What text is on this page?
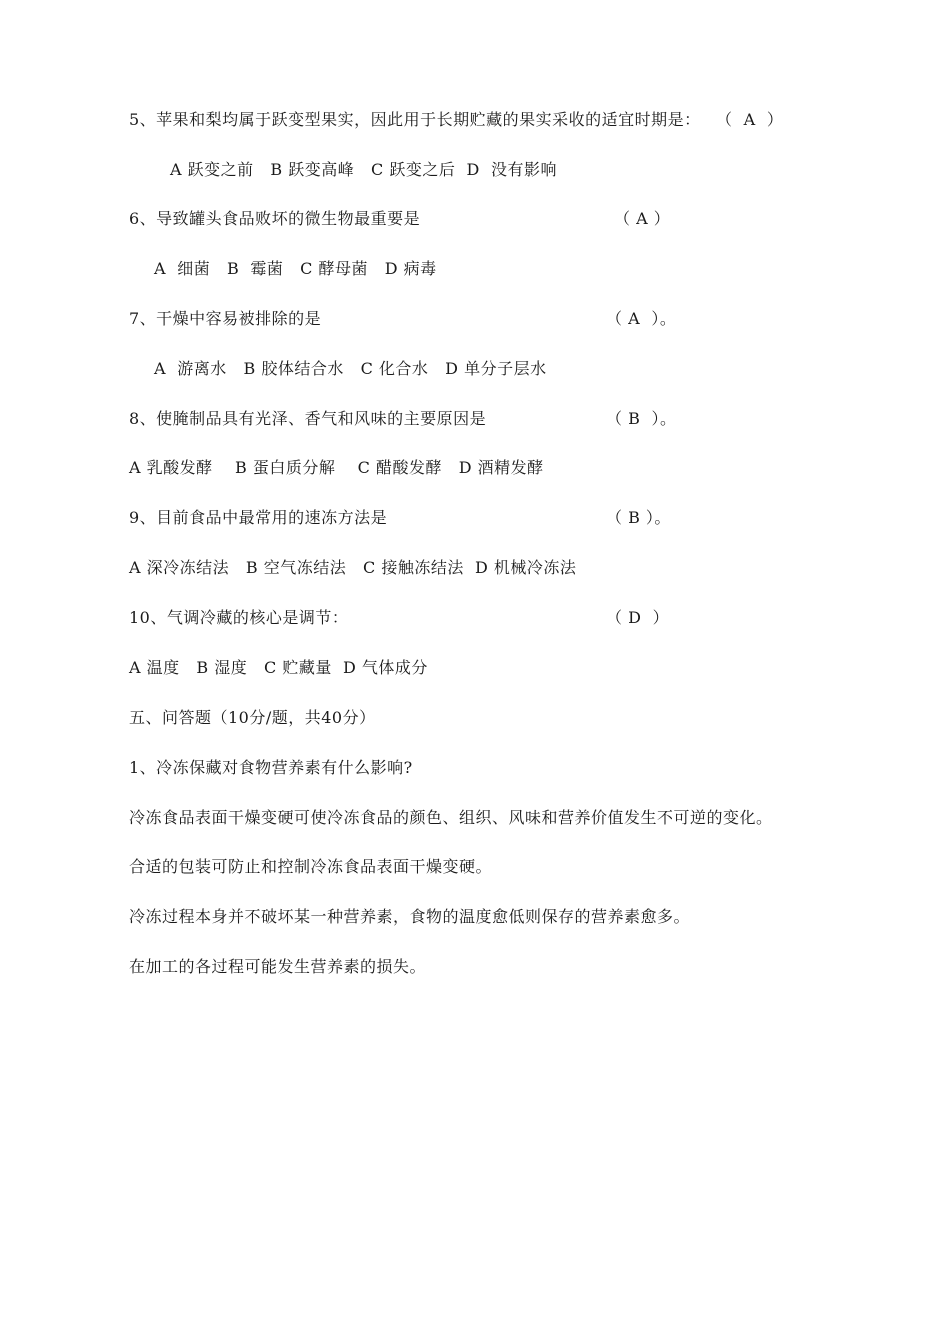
5、苹果和梨均属于跃变型果实，因此用于长期贮藏的果实采收的适宜时期是： （  A  ）
A 跃变之前   B 跃变高峰   C 跃变之后  D  没有影响
6、导致罐头食品败坏的微生物最重要是	（ A ）
A  细菌   B  霉菌   C 酵母菌   D 病毒
7、干燥中容易被排除的是	（ A  ）。
A  游离水   B 胶体结合水   C 化合水   D 单分子层水
8、使腌制品具有光泽、香气和风味的主要原因是	（ B  ）。
A 乳酸发酵    B 蛋白质分解    C 醋酸发酵   D 酒精发酵
9、目前食品中最常用的速冻方法是	（ B ）。
A 深冷冻结法   B 空气冻结法   C 接触冻结法  D 机械冷冻法
10、气调冷藏的核心是调节：	（ D  ）
A 温度   B 湿度   C 贮藏量  D 气体成分
五、问答题（10分/题，共40分）
1、冷冻保藏对食物营养素有什么影响?
冷冻食品表面干燥变硬可使冷冻食品的颜色、组织、风味和营养价值发生不可逆的变化。
合适的包装可防止和控制冷冻食品表面干燥变硬。
冷冻过程本身并不破坏某一种营养素，食物的温度愈低则保存的营养素愈多。
在加工的各过程可能发生营养素的损失。
